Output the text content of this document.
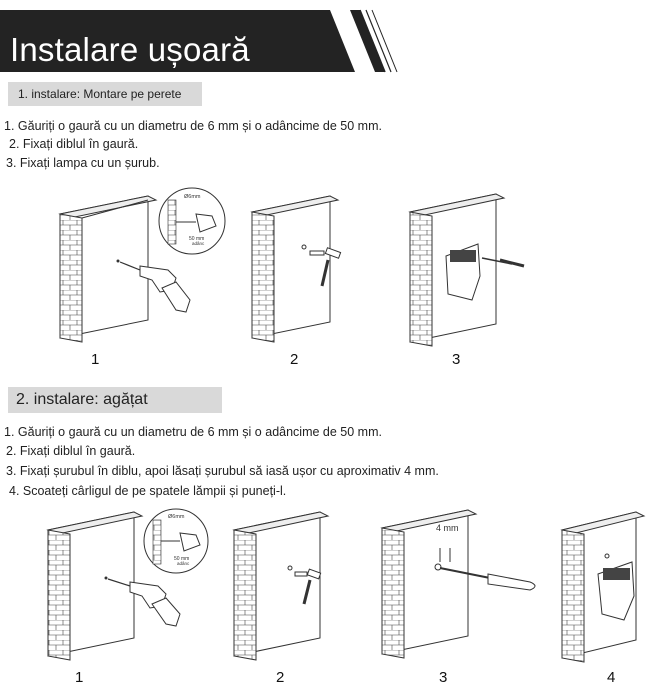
Instalare ușoară
1. instalare: Montare pe perete
1. Găuriți o gaură cu un diametru de 6 mm și o adâncime de 50 mm.
2. Fixați diblul în gaură.
3. Fixați lampa cu un șurub.
Ø6mm
50 mm
adânc
1	2	3
2. instalare: agățat
1. Găuriți o gaură cu un diametru de 6 mm și o adâncime de 50 mm.
2. Fixați diblul în gaură.
3. Fixați șurubul în diblu, apoi lăsați șurubul să iasă ușor cu aproximativ 4 mm.
4. Scoateți cârligul de pe spatele lămpii și puneți-l.
Ø6mm
50 mm
adânc
4 mm
1	2	3	4
